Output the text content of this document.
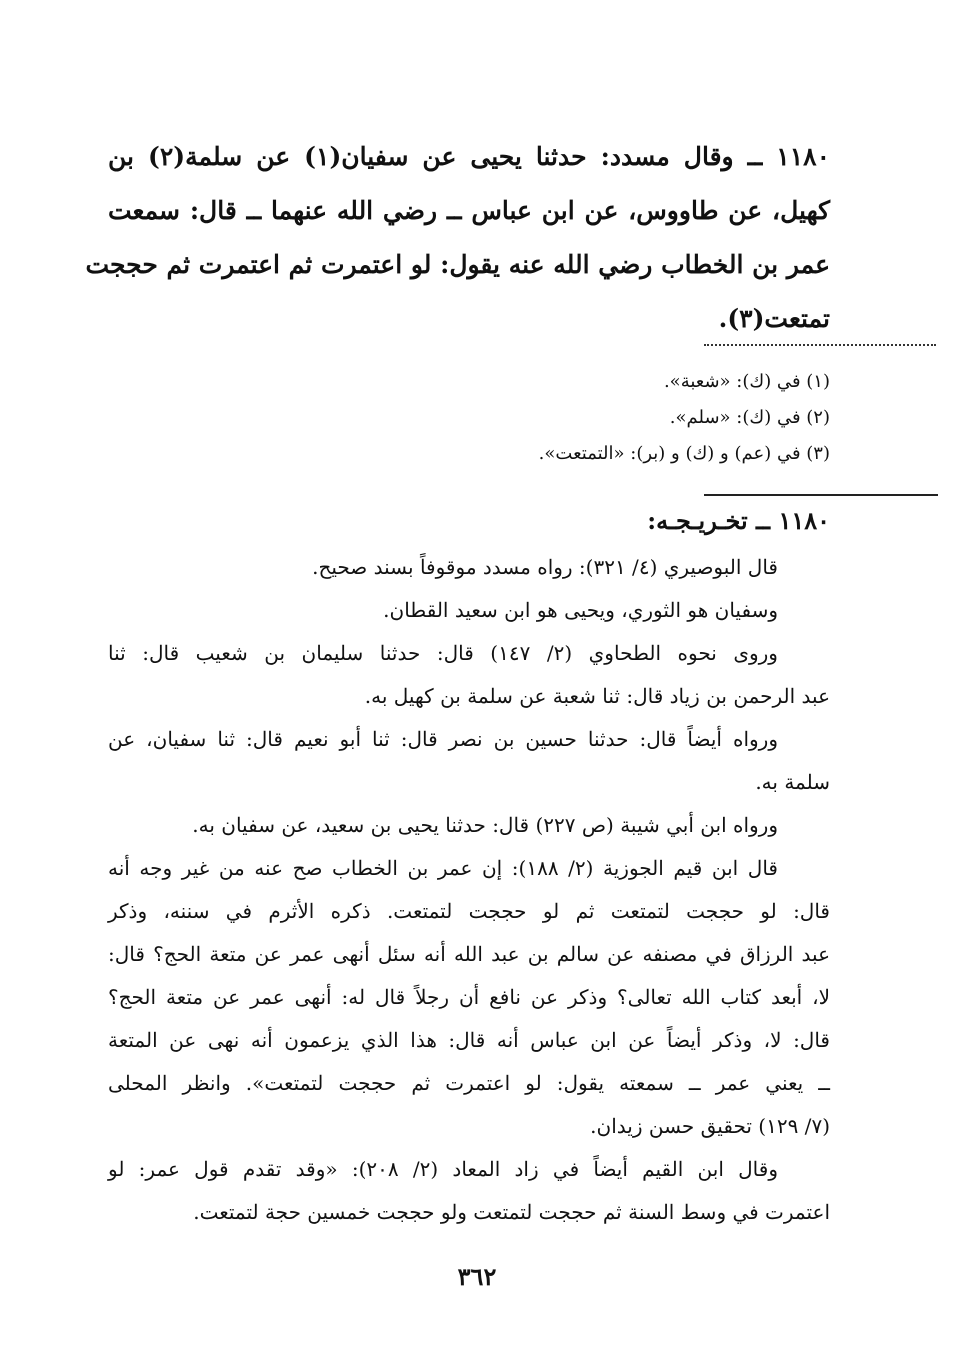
١١٨٠ ــ وقال مسدد: حدثنا يحيى عن سفيان(١) عن سلمة(٢) بن
كهيل، عن طاووس، عن ابن عباس ــ رضي الله عنهما ــ قال: سمعت
عمر بن الخطاب رضي الله عنه يقول: لو اعتمرت ثم اعتمرت ثم حججت
تمتعت(٣).
(١) في (ك): «شعبة».
(٢) في (ك): «سلم».
(٣) في (عم) و (ك) و (بر): «التمتعت».
١١٨٠ ــ تخـريـجـه:
قال البوصيري (٤/ ٣٢١): رواه مسدد موقوفاً بسند صحيح.
وسفيان هو الثوري، ويحيى هو ابن سعيد القطان.
وروى نحوه الطحاوي (٢/ ١٤٧) قال: حدثنا سليمان بن شعيب قال: ثنا
عبد الرحمن بن زياد قال: ثنا شعبة عن سلمة بن كهيل به.
ورواه أيضاً قال: حدثنا حسين بن نصر قال: ثنا أبو نعيم قال: ثنا سفيان، عن
سلمة به.
ورواه ابن أبي شيبة (ص ٢٢٧) قال: حدثنا يحيى بن سعيد، عن سفيان به.
قال ابن قيم الجوزية (٢/ ١٨٨): إن عمر بن الخطاب صح عنه من غير وجه أنه
قال: لو حججت لتمتعت ثم لو حججت لتمتعت. ذكره الأثرم في سننه، وذكر
عبد الرزاق في مصنفه عن سالم بن عبد الله أنه سئل أنهى عمر عن متعة الحج؟ قال:
لا، أبعد كتاب الله تعالى؟ وذكر عن نافع أن رجلاً قال له: أنهى عمر عن متعة الحج؟
قال: لا، وذكر أيضاً عن ابن عباس أنه قال: هذا الذي يزعمون أنه نهى عن المتعة
ــ يعني عمر ــ سمعته يقول: لو اعتمرت ثم حججت لتمتعت». وانظر المحلى
(٧/ ١٢٩) تحقيق حسن زيدان.
وقال ابن القيم أيضاً في زاد المعاد (٢/ ٢٠٨): «وقد تقدم قول عمر: لو
اعتمرت في وسط السنة ثم حججت لتمتعت ولو حججت خمسين حجة لتمتعت.
٣٦٢
